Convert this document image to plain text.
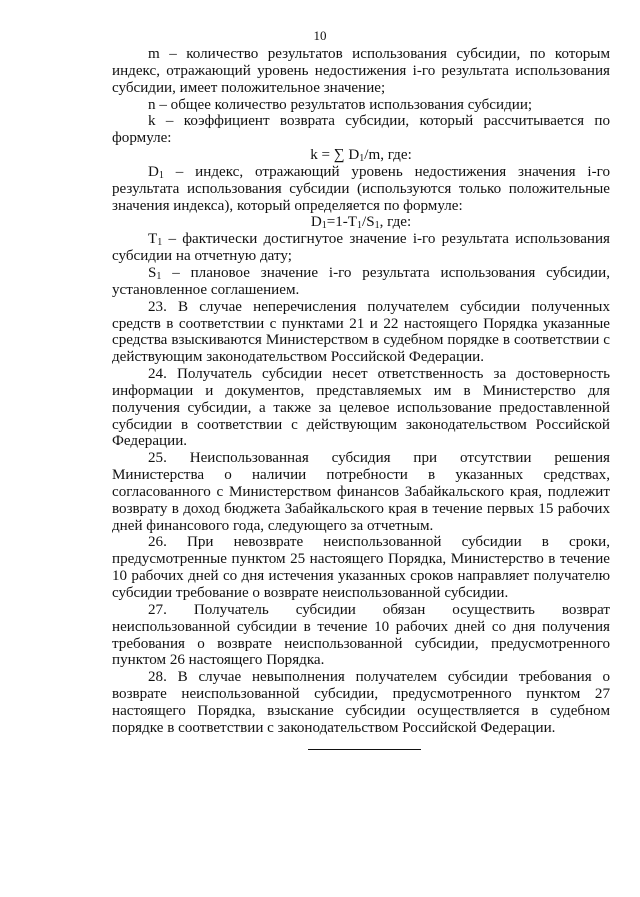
10

m – количество результатов использования субсидии, по которым индекс, отражающий уровень недостижения i-го результата использования субсидии, имеет положительное значение;

n – общее количество результатов использования субсидии;

k – коэффициент возврата субсидии, который рассчитывается по формуле:

k = ∑ $D_1/m$, где:

$D_1$ – индекс, отражающий уровень недостижения значения i-го результата использования субсидии (используются только положительные значения индекса), который определяется по формуле:

$D_1=1-T_1/S_1$, где:

$T_1$ – фактически достигнутое значение i-го результата использования субсидии на отчетную дату;

$S_1$ – плановое значение i-го результата использования субсидии, установленное соглашением.

23. В случае неперечисления получателем субсидии полученных средств в соответствии с пунктами 21 и 22 настоящего Порядка указанные средства взыскиваются Министерством в судебном порядке в соответствии с действующим законодательством Российской Федерации.

24. Получатель субсидии несет ответственность за достоверность информации и документов, представляемых им в Министерство для получения субсидии, а также за целевое использование предоставленной субсидии в соответствии с действующим законодательством Российской Федерации.

25. Неиспользованная субсидия при отсутствии решения Министерства о наличии потребности в указанных средствах, согласованного с Министерством финансов Забайкальского края, подлежит возврату в доход бюджета Забайкальского края в течение первых 15 рабочих дней финансового года, следующего за отчетным.

26. При невозврате неиспользованной субсидии в сроки, предусмотренные пунктом 25 настоящего Порядка, Министерство в течение 10 рабочих дней со дня истечения указанных сроков направляет получателю субсидии требование о возврате неиспользованной субсидии.

27. Получатель субсидии обязан осуществить возврат неиспользованной субсидии в течение 10 рабочих дней со дня получения требования о возврате неиспользованной субсидии, предусмотренного пунктом 26 настоящего Порядка.

28. В случае невыполнения получателем субсидии требования о возврате неиспользованной субсидии, предусмотренного пунктом 27 настоящего Порядка, взыскание субсидии осуществляется в судебном порядке в соответствии с законодательством Российской Федерации.
